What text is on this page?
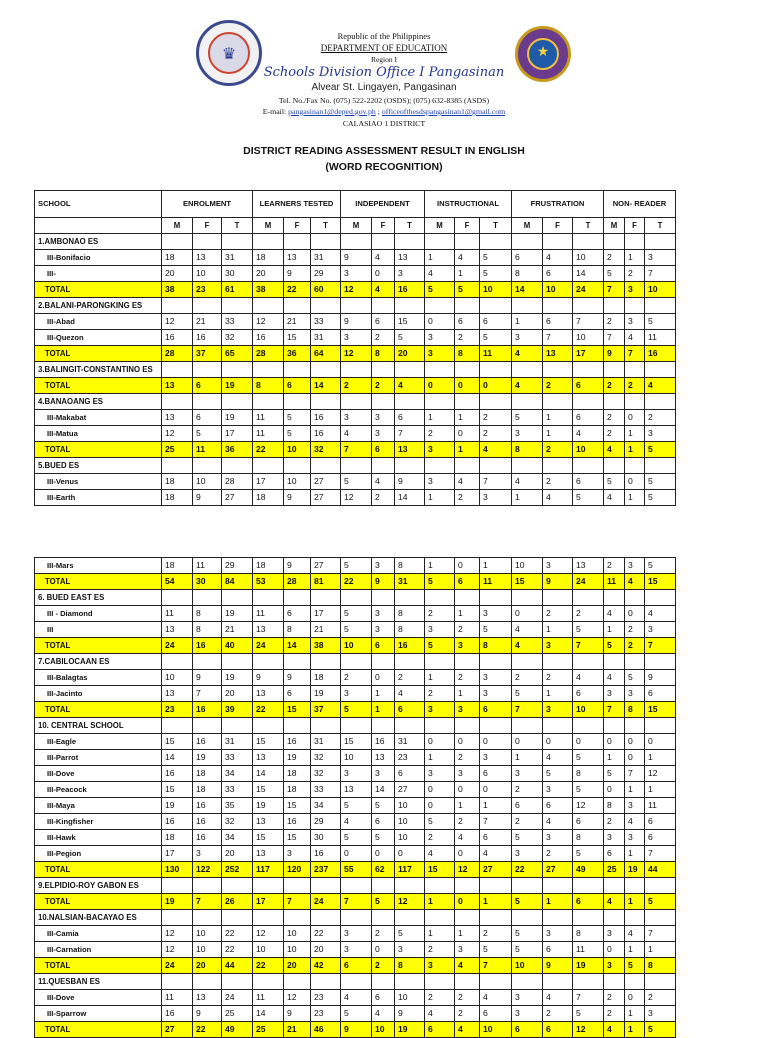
♛	★
Republic of the Philippines
DEPARTMENT OF EDUCATION
Region I
Schools Division Office I Pangasinan
Alvear St. Lingayen, Pangasinan
Tel. No./Fax No. (075) 522-2202 (OSDS); (075) 632-8385 (ASDS)
E-mail: pangasinan1@deped.gov.ph ; officeofthesdspangasinan1@gmail.com
CALASIAO 1 DISTRICT
DISTRICT READING ASSESSMENT RESULT IN ENGLISH
(WORD RECOGNITION)
SCHOOL	ENROLMENT			LEARNERS TESTED			INDEPENDENT			INSTRUCTIONAL			FRUSTRATION			NON- READER		
	M	F	T	M	F	T	M	F	T	M	F	T	M	F	T	M	F	T
1.AMBONAO ES																		
III-Bonifacio	18	13	31	18	13	31	9	4	13	1	4	5	6	4	10	2	1	3
III-	20	10	30	20	9	29	3	0	3	4	1	5	8	6	14	5	2	7
TOTAL	38	23	61	38	22	60	12	4	16	5	5	10	14	10	24	7	3	10
2.BALANI-PARONGKING ES																		
III-Abad	12	21	33	12	21	33	9	6	15	0	6	6	1	6	7	2	3	5
III-Quezon	16	16	32	16	15	31	3	2	5	3	2	5	3	7	10	7	4	11
TOTAL	28	37	65	28	36	64	12	8	20	3	8	11	4	13	17	9	7	16
3.BALINGIT-CONSTANTINO ES																		
TOTAL	13	6	19	8	6	14	2	2	4	0	0	0	4	2	6	2	2	4
4.BANAOANG ES																		
III-Makabat	13	6	19	11	5	16	3	3	6	1	1	2	5	1	6	2	0	2
III-Matua	12	5	17	11	5	16	4	3	7	2	0	2	3	1	4	2	1	3
TOTAL	25	11	36	22	10	32	7	6	13	3	1	4	8	2	10	4	1	5
5.BUED ES																		
III-Venus	18	10	28	17	10	27	5	4	9	3	4	7	4	2	6	5	0	5
III-Earth	18	9	27	18	9	27	12	2	14	1	2	3	1	4	5	4	1	5
III-Mars	18	11	29	18	9	27	5	3	8	1	0	1	10	3	13	2	3	5
TOTAL	54	30	84	53	28	81	22	9	31	5	6	11	15	9	24	11	4	15
6. BUED EAST ES																		
III - Diamond	11	8	19	11	6	17	5	3	8	2	1	3	0	2	2	4	0	4
III	13	8	21	13	8	21	5	3	8	3	2	5	4	1	5	1	2	3
TOTAL	24	16	40	24	14	38	10	6	16	5	3	8	4	3	7	5	2	7
7.CABILOCAAN ES																		
III-Balagtas	10	9	19	9	9	18	2	0	2	1	2	3	2	2	4	4	5	9
III-Jacinto	13	7	20	13	6	19	3	1	4	2	1	3	5	1	6	3	3	6
TOTAL	23	16	39	22	15	37	5	1	6	3	3	6	7	3	10	7	8	15
10. CENTRAL SCHOOL																		
III-Eagle	15	16	31	15	16	31	15	16	31	0	0	0	0	0	0	0	0	0
III-Parrot	14	19	33	13	19	32	10	13	23	1	2	3	1	4	5	1	0	1
III-Dove	16	18	34	14	18	32	3	3	6	3	3	6	3	5	8	5	7	12
III-Peacock	15	18	33	15	18	33	13	14	27	0	0	0	2	3	5	0	1	1
III-Maya	19	16	35	19	15	34	5	5	10	0	1	1	6	6	12	8	3	11
III-Kingfisher	16	16	32	13	16	29	4	6	10	5	2	7	2	4	6	2	4	6
III-Hawk	18	16	34	15	15	30	5	5	10	2	4	6	5	3	8	3	3	6
III-Pegion	17	3	20	13	3	16	0	0	0	4	0	4	3	2	5	6	1	7
TOTAL	130	122	252	117	120	237	55	62	117	15	12	27	22	27	49	25	19	44
9.ELPIDIO-ROY GABON ES																		
TOTAL	19	7	26	17	7	24	7	5	12	1	0	1	5	1	6	4	1	5
10.NALSIAN-BACAYAO ES																		
III-Camia	12	10	22	12	10	22	3	2	5	1	1	2	5	3	8	3	4	7
III-Carnation	12	10	22	10	10	20	3	0	3	2	3	5	5	6	11	0	1	1
TOTAL	24	20	44	22	20	42	6	2	8	3	4	7	10	9	19	3	5	8
11.QUESBAN ES																		
III-Dove	11	13	24	11	12	23	4	6	10	2	2	4	3	4	7	2	0	2
III-Sparrow	16	9	25	14	9	23	5	4	9	4	2	6	3	2	5	2	1	3
TOTAL	27	22	49	25	21	46	9	10	19	6	4	10	6	6	12	4	1	5
